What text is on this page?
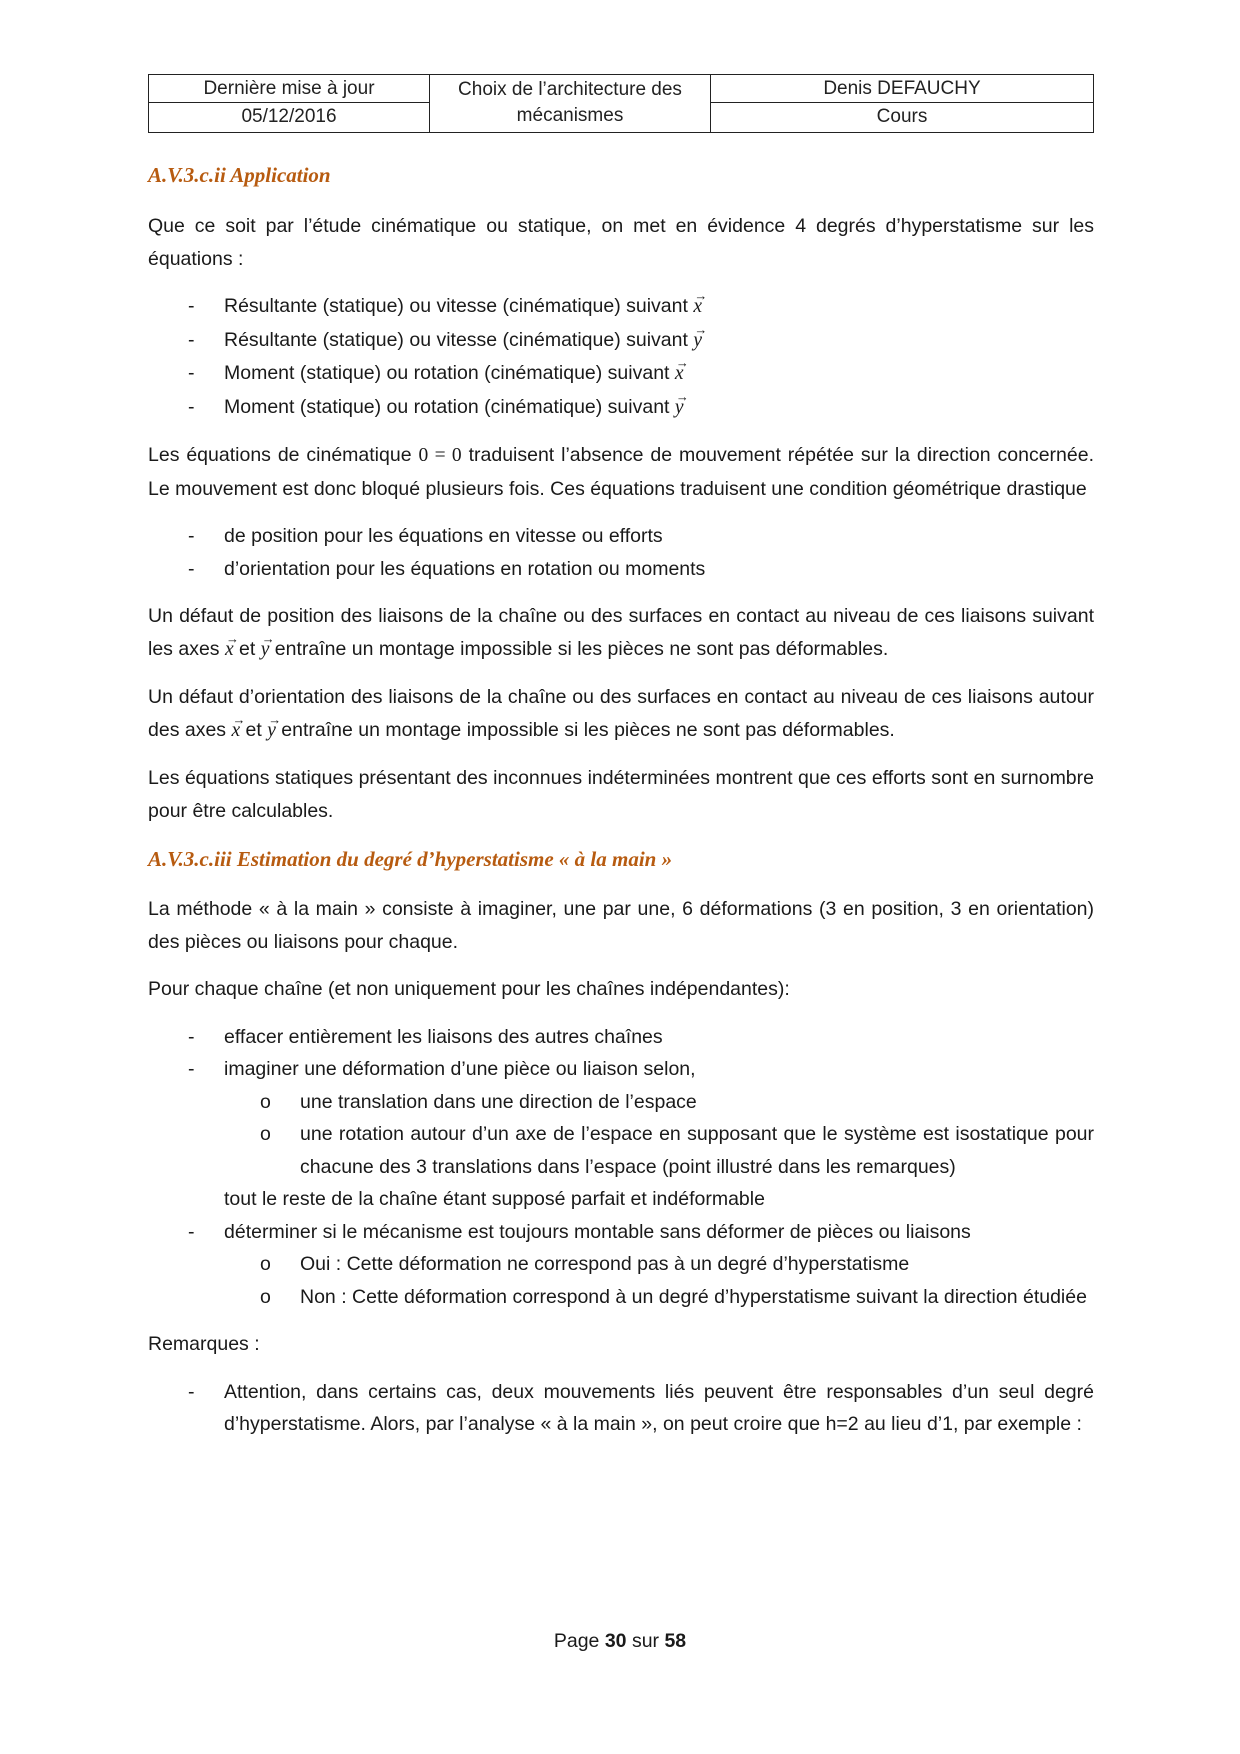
Dernière mise à jour
05/12/2016
Choix de l’architecture des mécanismes
Denis DEFAUCHY
Cours
A.V.3.c.ii Application

Que ce soit par l’étude cinématique ou statique, on met en évidence 4 degrés d’hyperstatisme sur les équations :

- Résultante (statique) ou vitesse (cinématique) suivant →
x
- Résultante (statique) ou vitesse (cinématique) suivant →
y
- Moment (statique) ou rotation (cinématique) suivant →
x
- Moment (statique) ou rotation (cinématique) suivant →
y

Les équations de cinématique 0 = 0 traduisent l’absence de mouvement répétée sur la direction concernée. Le mouvement est donc bloqué plusieurs fois. Ces équations traduisent une condition géométrique drastique

- de position pour les équations en vitesse ou efforts
- d’orientation pour les équations en rotation ou moments

Un défaut de position des liaisons de la chaîne ou des surfaces en contact au niveau de ces liaisons suivant les axes →
x et →
y entraîne un montage impossible si les pièces ne sont pas déformables.

Un défaut d’orientation des liaisons de la chaîne ou des surfaces en contact au niveau de ces liaisons autour des axes →
x et →
y entraîne un montage impossible si les pièces ne sont pas déformables.

Les équations statiques présentant des inconnues indéterminées montrent que ces efforts sont en surnombre pour être calculables.

A.V.3.c.iii Estimation du degré d’hyperstatisme « à la main »

La méthode « à la main » consiste à imaginer, une par une, 6 déformations (3 en position, 3 en orientation) des pièces ou liaisons pour chaque.

Pour chaque chaîne (et non uniquement pour les chaînes indépendantes):

- effacer entièrement les liaisons des autres chaînes
- imaginer une déformation d’une pièce ou liaison selon,
o une translation dans une direction de l’espace
o une rotation autour d’un axe de l’espace en supposant que le système est isostatique pour chacune des 3 translations dans l’espace (point illustré dans les remarques)

tout le reste de la chaîne étant supposé parfait et indéformable

- déterminer si le mécanisme est toujours montable sans déformer de pièces ou liaisons
o Oui : Cette déformation ne correspond pas à un degré d’hyperstatisme
o Non : Cette déformation correspond à un degré d’hyperstatisme suivant la direction étudiée

Remarques :

- Attention, dans certains cas, deux mouvements liés peuvent être responsables d’un seul degré d’hyperstatisme. Alors, par l’analyse « à la main », on peut croire que h=2 au lieu d’1, par exemple :
Page 30 sur 58
